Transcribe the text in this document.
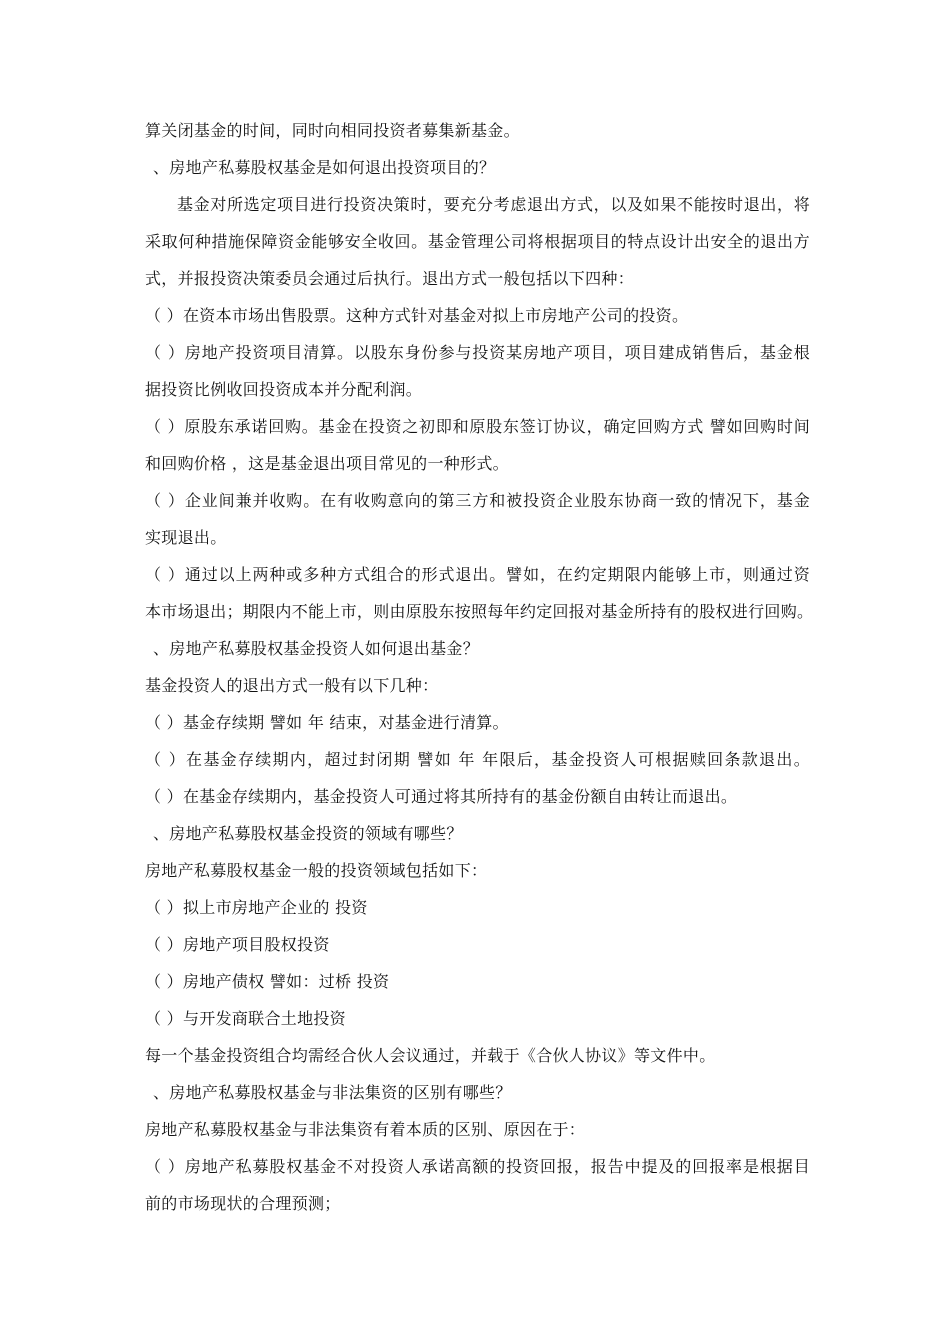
算关闭基金的时间，同时向相同投资者募集新基金。
、房地产私募股权基金是如何退出投资项目的？
基金对所选定项目进行投资决策时，要充分考虑退出方式，以及如果不能按时退出，将
采取何种措施保障资金能够安全收回。基金管理公司将根据项目的特点设计出安全的退出方
式，并报投资决策委员会通过后执行。退出方式一般包括以下四种：
（ ）在资本市场出售股票。这种方式针对基金对拟上市房地产公司的投资。
（ ）房地产投资项目清算。以股东身份参与投资某房地产项目，项目建成销售后，基金根
据投资比例收回投资成本并分配利润。
（ ）原股东承诺回购。基金在投资之初即和原股东签订协议，确定回购方式 譬如回购时间
和回购价格 ，这是基金退出项目常见的一种形式。
（ ）企业间兼并收购。在有收购意向的第三方和被投资企业股东协商一致的情况下，基金
实现退出。
（ ）通过以上两种或多种方式组合的形式退出。譬如，在约定期限内能够上市，则通过资
本市场退出；期限内不能上市，则由原股东按照每年约定回报对基金所持有的股权进行回购。
、房地产私募股权基金投资人如何退出基金？
基金投资人的退出方式一般有以下几种：
（ ）基金存续期 譬如 年 结束，对基金进行清算。
（ ）在基金存续期内，超过封闭期 譬如 年 年限后，基金投资人可根据赎回条款退出。
（ ）在基金存续期内，基金投资人可通过将其所持有的基金份额自由转让而退出。
、房地产私募股权基金投资的领域有哪些？
房地产私募股权基金一般的投资领域包括如下：
（ ）拟上市房地产企业的 投资
（ ）房地产项目股权投资
（ ）房地产债权 譬如：过桥 投资
（ ）与开发商联合土地投资
每一个基金投资组合均需经合伙人会议通过，并载于《合伙人协议》等文件中。
、房地产私募股权基金与非法集资的区别有哪些？
房地产私募股权基金与非法集资有着本质的区别、原因在于：
（ ）房地产私募股权基金不对投资人承诺高额的投资回报，报告中提及的回报率是根据目
前的市场现状的合理预测；
